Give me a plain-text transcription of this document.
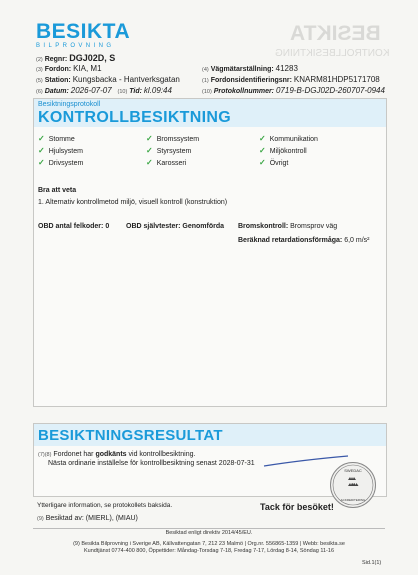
BESIKTA
KONTROLLBESIKTNING
BESIKTA
BILPROVNING
(2) Regnr: DGJ02D, S
(3) Fordon: KIA, M1
(5) Station: Kungsbacka - Hantverksgatan
(6) Datum: 2026-07-07 (10) Tid: kl.09:44
(4) Vägmätarställning: 41283
(1) Fordonsidentifieringsnr: KNARM81HDP5171708
(10) Protokollnummer: 0719-B-DGJ02D-260707-0944
Besiktningsprotokoll
KONTROLLBESIKTNING
✓ Stomme	✓ Bromssystem	✓ Kommunikation
✓ Hjulsystem	✓ Styrsystem	✓ Miljökontroll
✓ Drivsystem	✓ Karosseri	✓ Övrigt
Bra att veta
1. Alternativ kontrollmetod miljö, visuell kontroll (konstruktion)
OBD antal felkoder: 0 OBD självtester: Genomförda Bromskontroll: Bromsprov väg
Beräknad retardationsförmåga: 6,0 m/s²
BESIKTNINGSRESULTAT
(7)(8) Fordonet har godkänts vid kontrollbesiktning.
Nästa ordinarie inställelse för kontrollbesiktning senast 2028-07-31
SWEDAC
ACKREDITERING
Ytterligare information, se protokollets baksida.	Tack för besöket!
(9) Besiktad av: (MIERL), (MIAU)
Besiktad enligt direktiv 2014/45/EU.
(9) Besikta Bilprovning i Sverige AB, Källvattengatan 7, 212 23 Malmö | Org.nr. 556865-1359 | Webb: besikta.se
Kundtjänst 0774-400 800, Öppettider: Måndag-Torsdag 7-18, Fredag 7-17, Lördag 8-14, Söndag 11-16
Sid.1(1)
